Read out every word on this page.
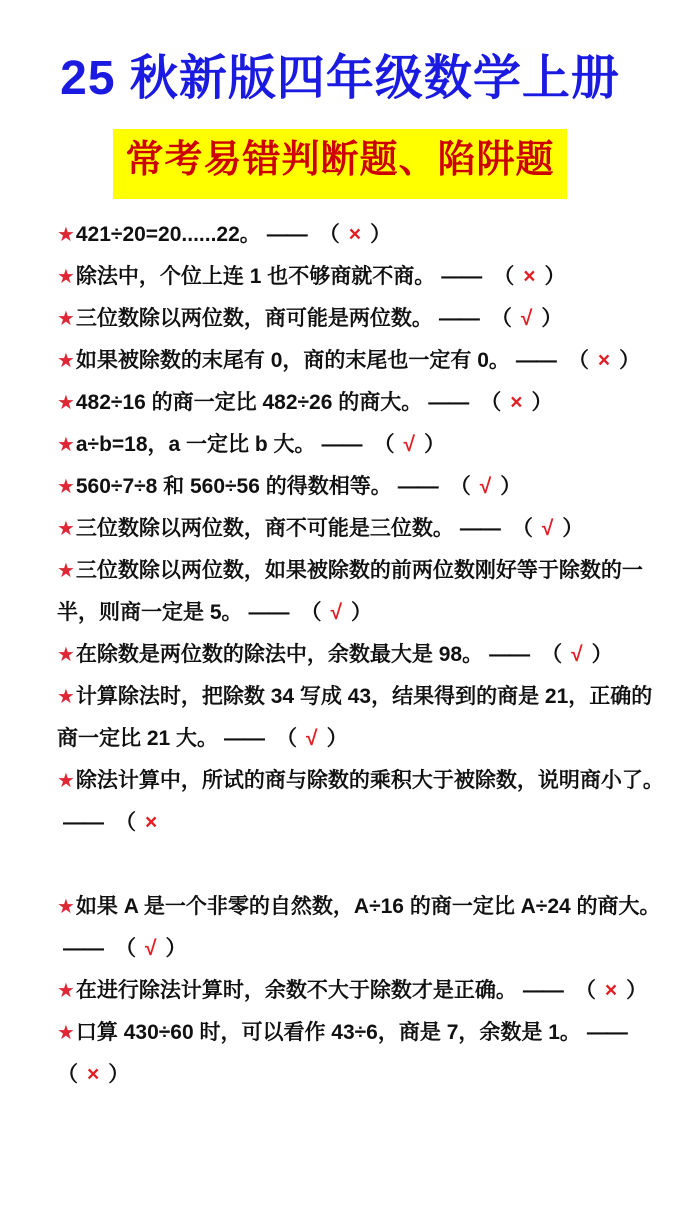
25 秋新版四年级数学上册
常考易错判断题、陷阱题

★421÷20=20......22。 —— （ × ）

★除法中，个位上连 1 也不够商就不商。 —— （ × ）

★三位数除以两位数，商可能是两位数。 —— （ √ ）

★如果被除数的末尾有 0，商的末尾也一定有 0。 —— （ × ）

★482÷16 的商一定比 482÷26 的商大。 —— （ × ）

★a÷b=18，a 一定比 b 大。 —— （ √ ）

★560÷7÷8 和 560÷56 的得数相等。 —— （ √ ）

★三位数除以两位数，商不可能是三位数。 —— （ √ ）

★三位数除以两位数，如果被除数的前两位数刚好等于除数的一半，则商一定是 5。 —— （ √ ）

★在除数是两位数的除法中，余数最大是 98。 —— （ √ ）

★计算除法时，把除数 34 写成 43，结果得到的商是 21，正确的商一定比 21 大。 —— （ √ ）

★除法计算中，所试的商与除数的乘积大于被除数，说明商小了。—— （ ×

★如果 A 是一个非零的自然数，A÷16 的商一定比 A÷24 的商大。—— （ √ ）

★在进行除法计算时，余数不大于除数才是正确。 —— （ × ）

★口算 430÷60 时，可以看作 43÷6，商是 7，余数是 1。 ——（ × ）
